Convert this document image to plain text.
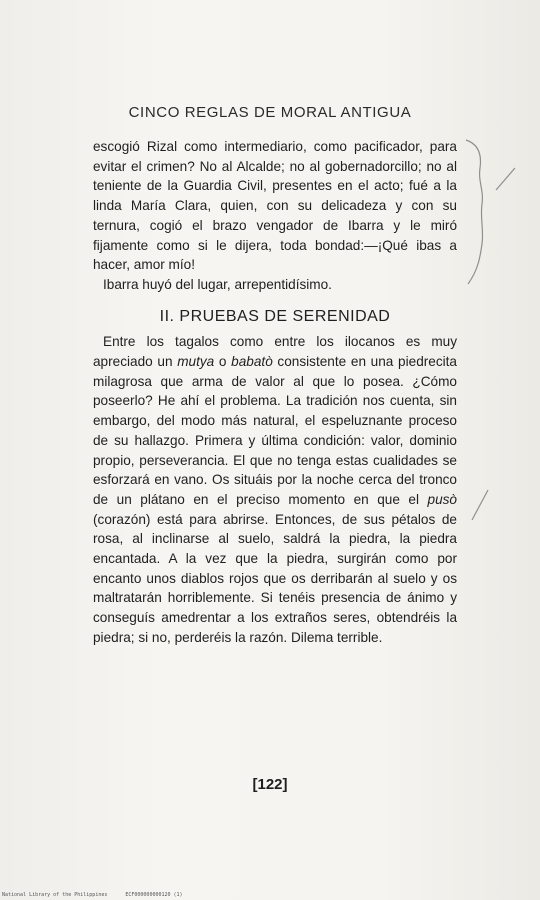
CINCO REGLAS DE MORAL ANTIGUA

escogió Rizal como intermediario, como pacificador, para evitar el crimen? No al Alcalde; no al gobernadorcillo; no al teniente de la Guardia Civil, presentes en el acto; fué a la linda María Clara, quien, con su delicadeza y con su ternura, cogió el brazo vengador de Ibarra y le miró fijamente como si le dijera, toda bondad:—¡Qué ibas a hacer, amor mío!

Ibarra huyó del lugar, arrepentidísimo.

II. PRUEBAS DE SERENIDAD

Entre los tagalos como entre los ilocanos es muy apreciado un mutya o babatò consistente en una piedrecita milagrosa que arma de valor al que lo posea. ¿Cómo poseerlo? He ahí el problema. La tradición nos cuenta, sin embargo, del modo más natural, el espeluznante proceso de su hallazgo. Primera y última condición: valor, dominio propio, perseverancia. El que no tenga estas cualidades se esforzará en vano. Os situáis por la noche cerca del tronco de un plátano en el preciso momento en que el pusò (corazón) está para abrirse. Entonces, de sus pétalos de rosa, al inclinarse al suelo, saldrá la piedra, la piedra encantada. A la vez que la piedra, surgirán como por encanto unos diablos rojos que os derribarán al suelo y os maltratarán horriblemente. Si tenéis presencia de ánimo y conseguís amedrentar a los extraños seres, obtendréis la piedra; si no, perderéis la razón. Dilema terrible.

[122]
National Library of the Philippines	ECF000000000120 (1)
